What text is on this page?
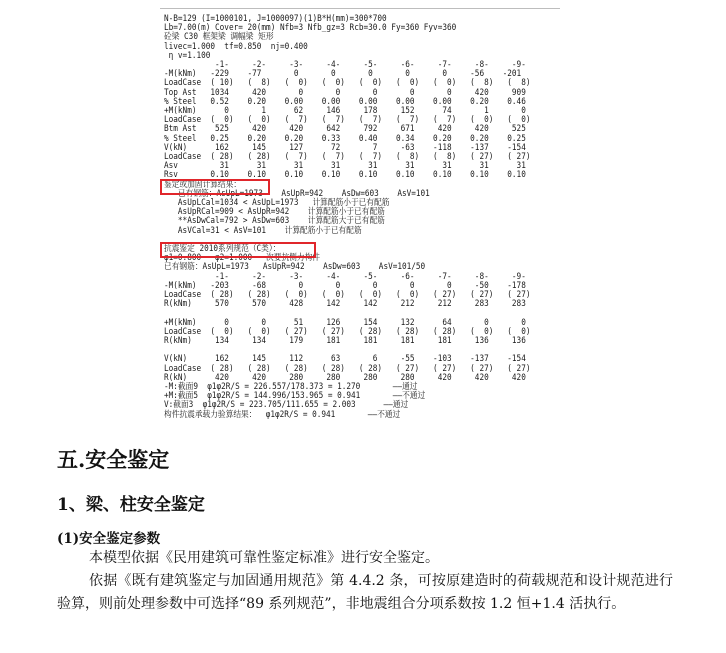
N-B=129 (I=1000101, J=1000097)(1)B*H(mm)=300*700
Lb=7.00(m) Cover= 20(mm) Nfb=3 Nfb_gz=3 Rcb=30.0 Fy=360 Fyv=360
砼梁 C30 框架梁 调幅梁 矩形
livec=1.000  tf=0.850  nj=0.400
η v=1.100
-1-     -2-     -3-     -4-     -5-     -6-     -7-     -8-     -9-
-M(kNm)   -229    -77       0       0       0       0       0     -56    -201
LoadCase  ( 10)   (  8)   (  0)   (  0)   (  0)   (  0)   (  0)   (  8)   (  8)
Top Ast   1034     420       0       0       0       0       0     420     909
% Steel   0.52    0.20    0.00    0.00    0.00    0.00    0.00    0.20    0.46
+M(kNm)      0       1      62     146     178     152      74       1       0
LoadCase  (  0)   (  0)   (  7)   (  7)   (  7)   (  7)   (  7)   (  0)   (  0)
Btm Ast    525     420     420     642     792     671     420     420     525
% Steel   0.25    0.20    0.20    0.33    0.40    0.34    0.20    0.20    0.25
V(kN)      162     145     127      72       7     -63    -118    -137    -154
LoadCase  ( 28)   ( 28)   (  7)   (  7)   (  7)   (  8)   (  8)   ( 27)   ( 27)
Asv         31      31      31      31      31      31      31      31      31
Rsv       0.10    0.10    0.10    0.10    0.10    0.10    0.10    0.10    0.10
鉴定或加固计算结果：
已有钢筋：AsUpL=1973    AsUpR=942    AsDw=603    AsV=101
AsUpLCal=1034 < AsUpL=1973   计算配筋小于已有配筋
AsUpRCal=909 < AsUpR=942    计算配筋小于已有配筋
**AsDwCal=792 > AsDw=603    计算配筋大于已有配筋
AsVCal=31 < AsV=101    计算配筋小于已有配筋
抗震鉴定 2010系列规范（C类）：
φ1=0.800   φ2=1.000   次要抗侧力构件
已有钢筋：AsUpL=1973   AsUpR=942    AsDw=603    AsV=101/50
-1-     -2-     -3-     -4-     -5-     -6-     -7-     -8-     -9-
-M(kNm)   -203     -68       0       0       0       0       0     -50    -178
LoadCase  ( 28)   ( 28)   (  0)   (  0)   (  0)   (  0)   ( 27)   ( 27)   ( 27)
R(kNm)     570     570     428     142     142     212     212     283     283
+M(kNm)      0       0      51     126     154     132      64       0       0
LoadCase  (  0)   (  0)   ( 27)   ( 27)   ( 28)   ( 28)   ( 28)   (  0)   (  0)
R(kNm)     134     134     179     181     181     181     181     136     136
V(kN)      162     145     112      63       6     -55    -103    -137    -154
LoadCase  ( 28)   ( 28)   ( 28)   ( 28)   ( 28)   ( 27)   ( 27)   ( 27)   ( 27)
R(kN)      420     420     280     280     280     280     420     420     420
-M:截面9  φ1φ2R/S = 226.557/178.373 = 1.270       ——通过
+M:截面5  φ1φ2R/S = 144.996/153.965 = 0.941       ——不通过
V:截面3  φ1φ2R/S = 223.705/111.655 = 2.003      ——通过
构件抗震承载力验算结果：  φ1φ2R/S = 0.941       ——不通过
五.安全鉴定
1、梁、柱安全鉴定
(1)安全鉴定参数
本模型依据《民用建筑可靠性鉴定标准》进行安全鉴定。
依据《既有建筑鉴定与加固通用规范》第 4.4.2 条，可按原建造时的荷载规范和设计规范进行验算，则前处理参数中可选择“89 系列规范”，非地震组合分项系数按 1.2 恒+1.4 活执行。
